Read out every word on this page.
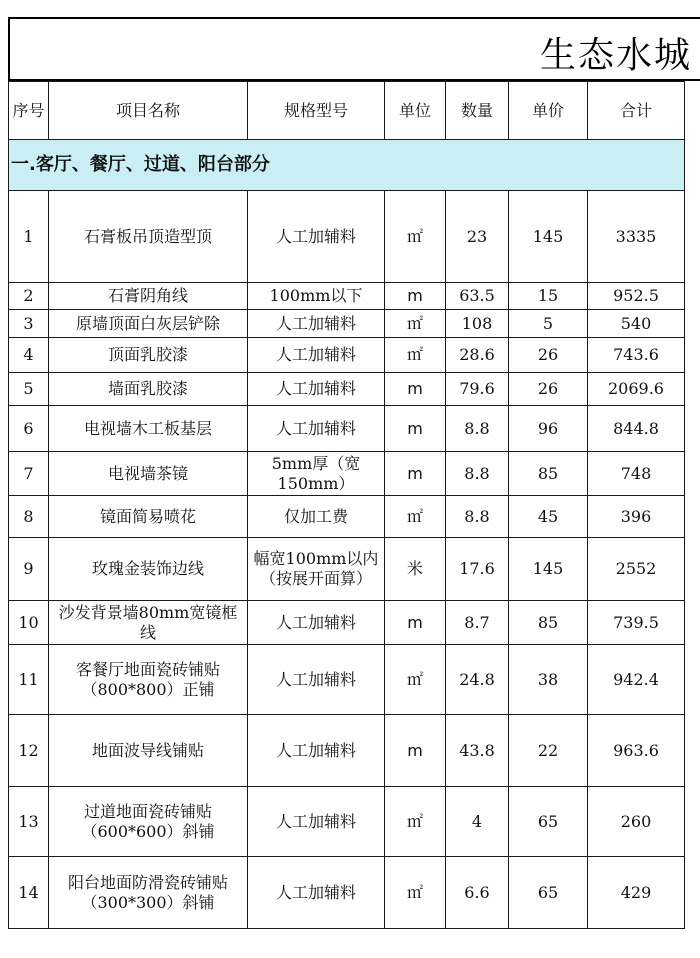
生态水城
序号	项目名称	规格型号	单位	数量	单价	合计
一.客厅、餐厅、过道、阳台部分						
1	石膏板吊顶造型顶	人工加辅料	㎡	23	145	3335
2	石膏阴角线	100mm以下	m	63.5	15	952.5
3	原墙顶面白灰层铲除	人工加辅料	㎡	108	5	540
4	顶面乳胶漆	人工加辅料	㎡	28.6	26	743.6
5	墙面乳胶漆	人工加辅料	m	79.6	26	2069.6
6	电视墙木工板基层	人工加辅料	m	8.8	96	844.8
7	电视墙茶镜	5mm厚（宽150mm）	m	8.8	85	748
8	镜面简易喷花	仅加工费	㎡	8.8	45	396
9	玫瑰金装饰边线	幅宽100mm以内（按展开面算）	米	17.6	145	2552
10	沙发背景墙80mm宽镜框线	人工加辅料	m	8.7	85	739.5
11	客餐厅地面瓷砖铺贴（800*800）正铺	人工加辅料	㎡	24.8	38	942.4
12	地面波导线铺贴	人工加辅料	m	43.8	22	963.6
13	过道地面瓷砖铺贴（600*600）斜铺	人工加辅料	㎡	4	65	260
14	阳台地面防滑瓷砖铺贴（300*300）斜铺	人工加辅料	㎡	6.6	65	429
